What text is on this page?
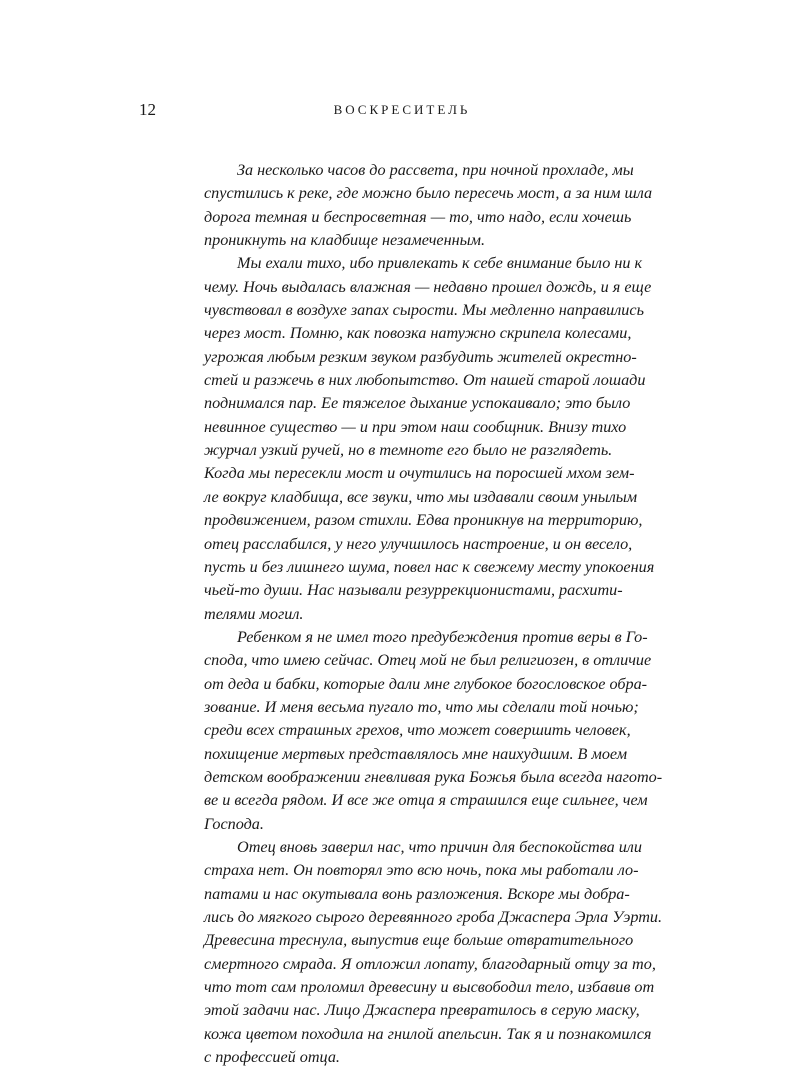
12	ВОСКРЕСИТЕЛЬ
За несколько часов до рассвета, при ночной прохладе, мы
спустились к реке, где можно было пересечь мост, а за ним шла
дорога темная и беспросветная — то, что надо, если хочешь
проникнуть на кладбище незамеченным.
Мы ехали тихо, ибо привлекать к себе внимание было ни к
чему. Ночь выдалась влажная — недавно прошел дождь, и я еще
чувствовал в воздухе запах сырости. Мы медленно направились
через мост. Помню, как повозка натужно скрипела колесами,
угрожая любым резким звуком разбудить жителей окрестно-
стей и разжечь в них любопытство. От нашей старой лошади
поднимался пар. Ее тяжелое дыхание успокаивало; это было
невинное существо — и при этом наш сообщник. Внизу тихо
журчал узкий ручей, но в темноте его было не разглядеть.
Когда мы пересекли мост и очутились на поросшей мхом зем-
ле вокруг кладбища, все звуки, что мы издавали своим унылым
продвижением, разом стихли. Едва проникнув на территорию,
отец расслабился, у него улучшилось настроение, и он весело,
пусть и без лишнего шума, повел нас к свежему месту упокоения
чьей-то души. Нас называли резуррекционистами, расхити-
телями могил.
Ребенком я не имел того предубеждения против веры в Го-
спода, что имею сейчас. Отец мой не был религиозен, в отличие
от деда и бабки, которые дали мне глубокое богословское обра-
зование. И меня весьма пугало то, что мы сделали той ночью;
среди всех страшных грехов, что может совершить человек,
похищение мертвых представлялось мне наихудшим. В моем
детском воображении гневливая рука Божья была всегда нагото-
ве и всегда рядом. И все же отца я страшился еще сильнее, чем
Господа.
Отец вновь заверил нас, что причин для беспокойства или
страха нет. Он повторял это всю ночь, пока мы работали ло-
патами и нас окутывала вонь разложения. Вскоре мы добра-
лись до мягкого сырого деревянного гроба Джаспера Эрла Уэрти.
Древесина треснула, выпустив еще больше отвратительного
смертного смрада. Я отложил лопату, благодарный отцу за то,
что тот сам проломил древесину и высвободил тело, избавив от
этой задачи нас. Лицо Джаспера превратилось в серую маску,
кожа цветом походила на гнилой апельсин. Так я и познакомился
с профессией отца.
